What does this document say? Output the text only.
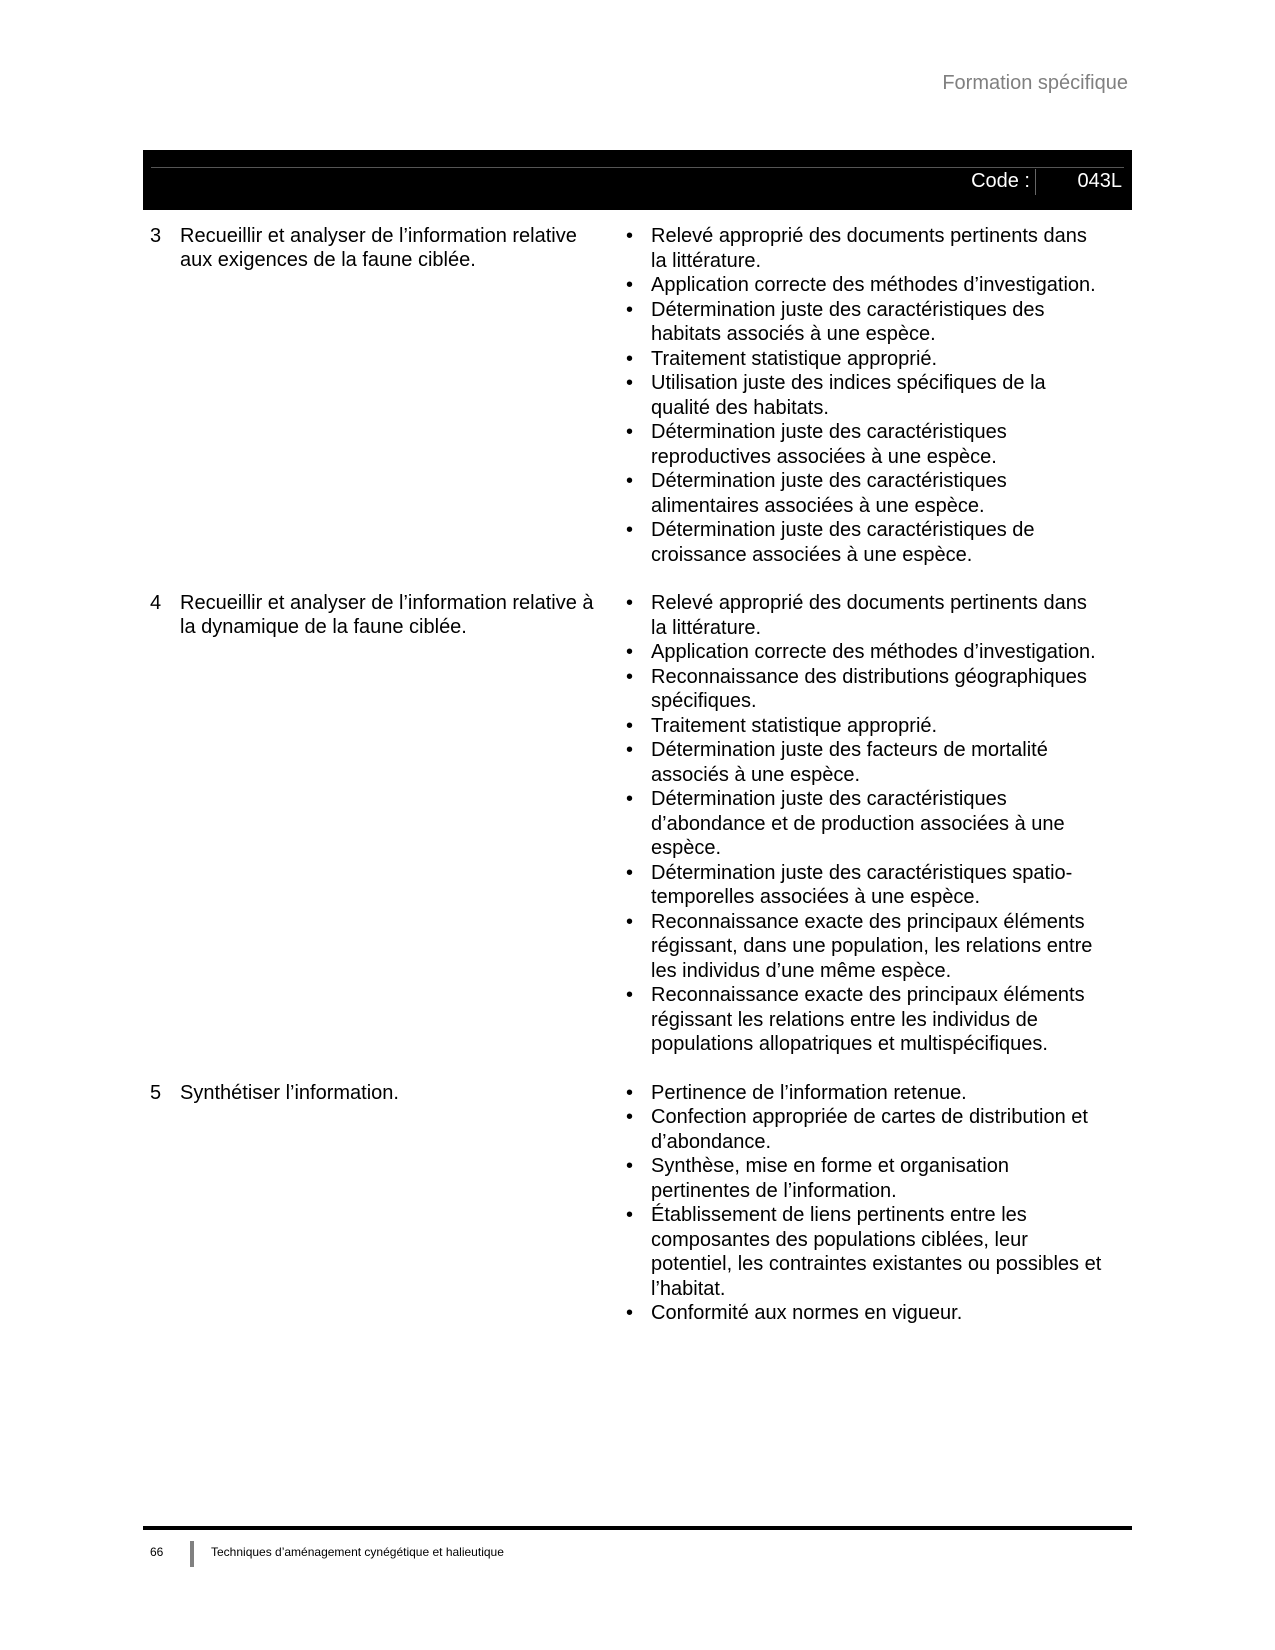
Formation spécifique
Code : 043L
3 Recueillir et analyser de l’information relative aux exigences de la faune ciblée.
• Relevé approprié des documents pertinents dans la littérature.
• Application correcte des méthodes d’investigation.
• Détermination juste des caractéristiques des habitats associés à une espèce.
• Traitement statistique approprié.
• Utilisation juste des indices spécifiques de la qualité des habitats.
• Détermination juste des caractéristiques reproductives associées à une espèce.
• Détermination juste des caractéristiques alimentaires associées à une espèce.
• Détermination juste des caractéristiques de croissance associées à une espèce.
4 Recueillir et analyser de l’information relative à la dynamique de la faune ciblée.
• Relevé approprié des documents pertinents dans la littérature.
• Application correcte des méthodes d’investigation.
• Reconnaissance des distributions géographiques spécifiques.
• Traitement statistique approprié.
• Détermination juste des facteurs de mortalité associés à une espèce.
• Détermination juste des caractéristiques d’abondance et de production associées à une espèce.
• Détermination juste des caractéristiques spatio-temporelles associées à une espèce.
• Reconnaissance exacte des principaux éléments régissant, dans une population, les relations entre les individus d’une même espèce.
• Reconnaissance exacte des principaux éléments régissant les relations entre les individus de populations allopatriques et multispécifiques.
5 Synthétiser l’information.	• Pertinence de l’information retenue.
• Confection appropriée de cartes de distribution et d’abondance.
• Synthèse, mise en forme et organisation pertinentes de l’information.
• Établissement de liens pertinents entre les composantes des populations ciblées, leur potentiel, les contraintes existantes ou possibles et l’habitat.
• Conformité aux normes en vigueur.
66	Techniques d’aménagement cynégétique et halieutique
